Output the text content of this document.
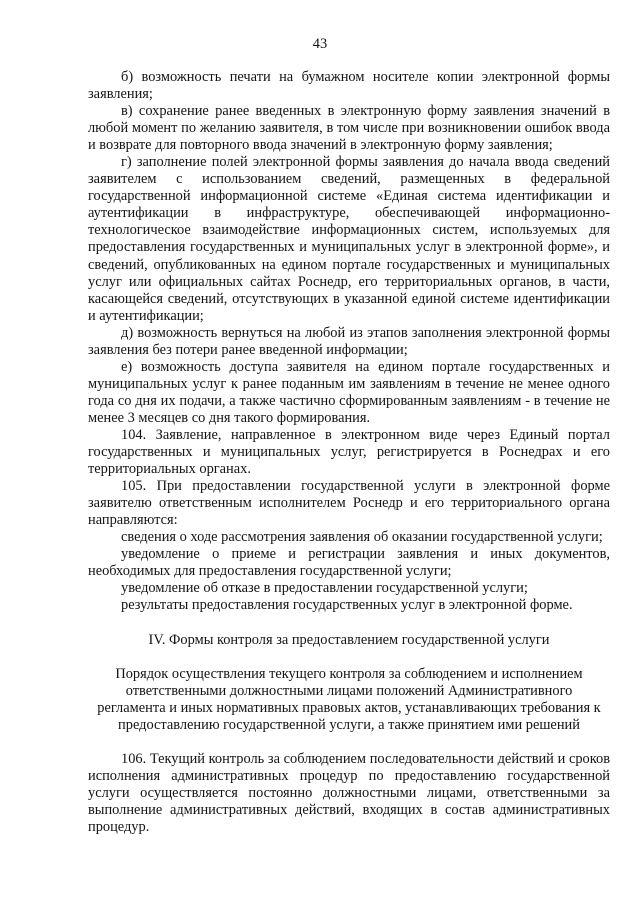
43

б) возможность печати на бумажном носителе копии электронной формы заявления;

в) сохранение ранее введенных в электронную форму заявления значений в любой момент по желанию заявителя, в том числе при возникновении ошибок ввода и возврате для повторного ввода значений в электронную форму заявления;

г) заполнение полей электронной формы заявления до начала ввода сведений заявителем с использованием сведений, размещенных в федеральной государственной информационной системе «Единая система идентификации и аутентификации в инфраструктуре, обеспечивающей информационно-технологическое взаимодействие информационных систем, используемых для предоставления государственных и муниципальных услуг в электронной форме», и сведений, опубликованных на едином портале государственных и муниципальных услуг или официальных сайтах Роснедр, его территориальных органов, в части, касающейся сведений, отсутствующих в указанной единой системе идентификации и аутентификации;

д) возможность вернуться на любой из этапов заполнения электронной формы заявления без потери ранее введенной информации;

е) возможность доступа заявителя на едином портале государственных и муниципальных услуг к ранее поданным им заявлениям в течение не менее одного года со дня их подачи, а также частично сформированным заявлениям - в течение не менее 3 месяцев со дня такого формирования.

104. Заявление, направленное в электронном виде через Единый портал государственных и муниципальных услуг, регистрируется в Роснедрах и его территориальных органах.

105. При предоставлении государственной услуги в электронной форме заявителю ответственным исполнителем Роснедр и его территориального органа направляются:

сведения о ходе рассмотрения заявления об оказании государственной услуги;

уведомление о приеме и регистрации заявления и иных документов, необходимых для предоставления государственной услуги;

уведомление об отказе в предоставлении государственной услуги;

результаты предоставления государственных услуг в электронной форме.

IV. Формы контроля за предоставлением государственной услуги

Порядок осуществления текущего контроля за соблюдением и исполнением ответственными должностными лицами положений Административного регламента и иных нормативных правовых актов, устанавливающих требования к предоставлению государственной услуги, а также принятием ими решений

106. Текущий контроль за соблюдением последовательности действий и сроков исполнения административных процедур по предоставлению государственной услуги осуществляется постоянно должностными лицами, ответственными за выполнение административных действий, входящих в состав административных процедур.
